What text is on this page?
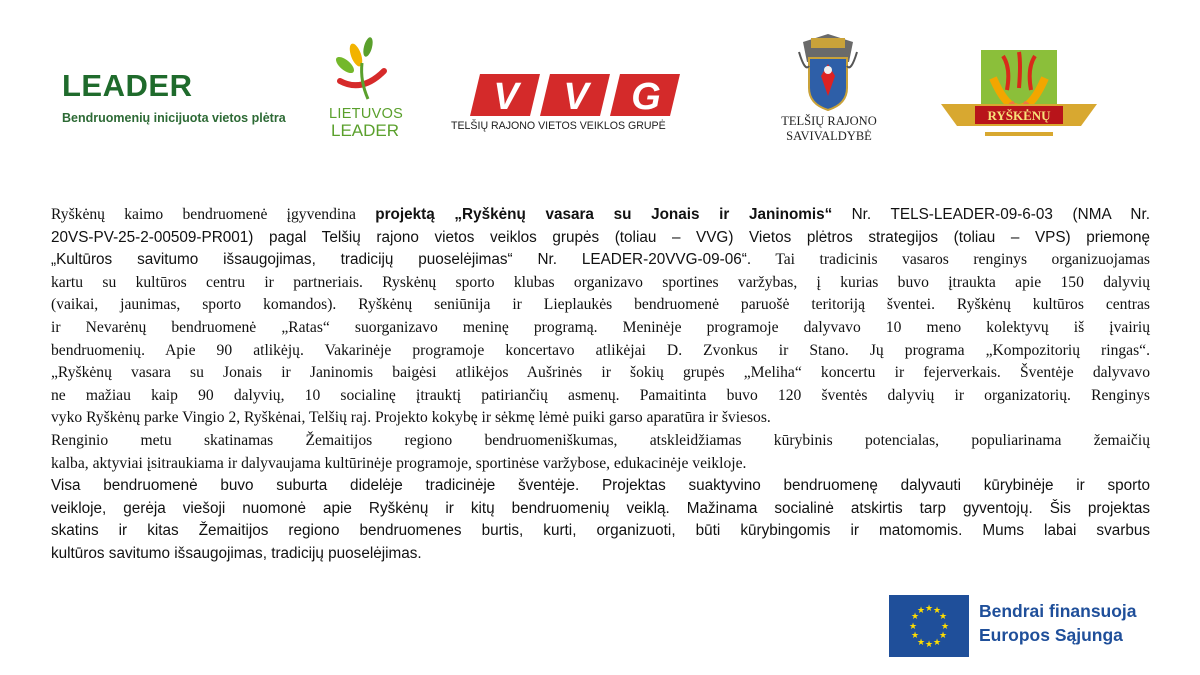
LEADER
Bendruomenių inicijuota vietos plėtra	LIETUVOS
LEADER
V V G
TELŠIŲ RAJONO VIETOS VEIKLOS GRUPĖ	TELŠIŲ RAJONO
SAVIVALDYBĖ
RYŠKĖNŲ
Ryškėnų kaimo bendruomenė įgyvendina projektą „Ryškėnų vasara su Jonais ir Janinomis“ Nr. TELS-LEADER-09-6-03 (NMA Nr.
20VS-PV-25-2-00509-PR001) pagal Telšių rajono vietos veiklos grupės (toliau – VVG) Vietos plėtros strategijos (toliau – VPS) priemonę
„Kultūros savitumo išsaugojimas, tradicijų puoselėjimas“ Nr. LEADER-20VVG-09-06“. Tai tradicinis vasaros renginys organizuojamas
kartu su kultūros centru ir partneriais. Ryskėnų sporto klubas organizavo sportines varžybas, į kurias buvo įtraukta apie 150 dalyvių
(vaikai, jaunimas, sporto komandos). Ryškėnų seniūnija ir Lieplaukės bendruomenė paruošė teritoriją šventei. Ryškėnų kultūros centras
ir Nevarėnų bendruomenė „Ratas“ suorganizavo meninę programą. Meninėje programoje dalyvavo 10 meno kolektyvų iš įvairių
bendruomenių. Apie 90 atlikėjų. Vakarinėje programoje koncertavo atlikėjai D. Zvonkus ir Stano. Jų programa „Kompozitorių ringas“.
„Ryškėnų vasara su Jonais ir Janinomis baigėsi atlikėjos Aušrinės ir šokių grupės „Meliha“ koncertu ir fejerverkais. Šventėje dalyvavo
ne mažiau kaip 90 dalyvių, 10 socialinę įtrauktį patiriančių asmenų. Pamaitinta buvo 120 šventės dalyvių ir organizatorių. Renginys
vyko Ryškėnų parke Vingio 2, Ryškėnai, Telšių raj. Projekto kokybę ir sėkmę lėmė puiki garso aparatūra ir šviesos.
Renginio metu skatinamas Žemaitijos regiono bendruomeniškumas, atskleidžiamas kūrybinis potencialas, populiarinama žemaičių
kalba, aktyviai įsitraukiama ir dalyvaujama kultūrinėje programoje, sportinėse varžybose, edukacinėje veikloje.
Visa bendruomenė buvo suburta didelėje tradicinėje šventėje. Projektas suaktyvino bendruomenę dalyvauti kūrybinėje ir sporto
veikloje, gerėja viešoji nuomonė apie Ryškėnų ir kitų bendruomenių veiklą. Mažinama socialinė atskirtis tarp gyventojų. Šis projektas
skatins ir kitas Žemaitijos regiono bendruomenes burtis, kurti, organizuoti, būti kūrybingomis ir matomomis. Mums labai svarbus
kultūros savitumo išsaugojimas, tradicijų puoselėjimas.
★ ★
★
★
★
★
★
★
★
★
★
★	Bendrai finansuoja
Europos Sąjunga
